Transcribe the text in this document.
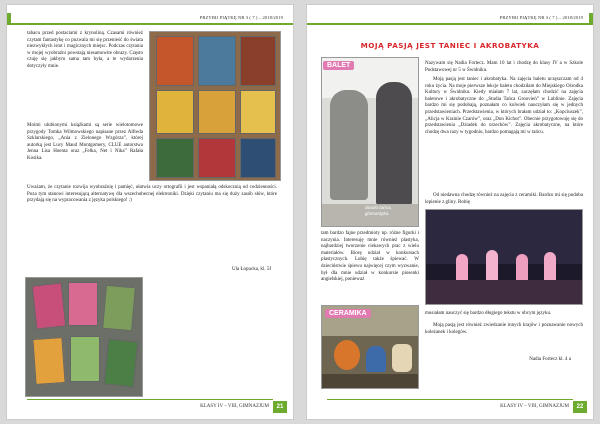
PRZYBIJ PIĄTKĘ NR 3 ( 7 ) – 2018/2019
tabacu przed postaciami z krynoliną. Czasami również czytam fantastykę co pozwala mi się przenieść do świata niezwykłych istot i magicznych miejsc. Podczas czytania w mojej wyobraźni powstają niesamowite obrazy. Często czuję się jakbym sama tam była, a te wydarzenia dotyczyły mnie.
Moimi ulubionymi książkami są serie wielotomowe przygody Tomka Wilmowskiego napisane przez Alfreda Szklarskiego, „Ania z Zielonego Wzgórza”, której autorką jest Lucy Maud Montgomery, CLUE autorstwa Jenna Lisa Hoenta oraz „Felka, Net i Nika” Rafała Kosika.
Uważam, że czytanie rozwija wyobraźnię i pamięć, ułatwia uczy ortografii i jest wspaniałą odskocznią od codzienności. Poza tym stanowi interesującą alternatywę dla wszechobecnej elektroniki. Dzięki czytaniu ma się duży zasób słów, które przydają się na wypracowania z języka polskiego! :)
Ula Łopucka, kl. 5f
KLASY IV – VIII, GIMNAZJUM	21
PRZYBIJ PIĄTKĘ NR 3 ( 7 ) – 2018/2019
MOJĄ PASJĄ JEST TANIEC I AKROBATYKA
BALET
Studio tańca, gimnastyka.
Nazywam się Nadia Fortecz. Mam 10 lat i chodzę do klasy IV a w Szkole Podstawowej nr 5 w Świdniku.
Moją pasją jest taniec i akrobatyka. Na zajęcia baletu uczęszczam od 4 roku życia. Na moje pierwsze lekcje baletu chodziłam do Miejskiego Ośrodka Kultury w Świdniku. Kiedy miałam 7 lat, zaczęłam chodzić na zajęcia baletowe i akrobatyczne do „Studia Tańca Groovień” w Lublinie. Zajęcia bardzo mi się podobają, poznałam co kolwiek nauczyłam się w jednych przedstawieniach. Przedstawienia, w których brałam udział to: „Kopciuszek”, „Alicja w Krainie Czarów”, oraz „Don Kichot”. Obecnie przygotowuję się do przedstawienia „Dziadek do orzechów”. Zajęcia akrobatyczne, na które chodzę dwa razy w tygodniu, bardzo pomagają mi w tańcu.
Od niedawna chodzę również na zajęcia z ceramiki. Bardzo mi się podoba lepienie z gliny. Robię
tam bardzo fajne przedmioty np. różne figurki i naczynia. Interesuję mnie również plastyka, najbardziej tworzenie ciekawych prac z wielu materiałów. Biorę udział w konkursach plastycznych. Lubię także śpiewać. W dzieciństwie śpiewu najwięcej czym wyzwanie, był dla mnie udział w konkursie piosenki angielskiej, ponieważ
CERAMIKA	musiałam nauczyć się bardzo długiego tekstu w obcym języku.
Moją pasją jest również zwiedzanie innych krajów i poznawanie nowych koleżanek i kolegów.
Nadia Fortecz kl. 4 a
KLASY IV – VIII, GIMNAZJUM	22
